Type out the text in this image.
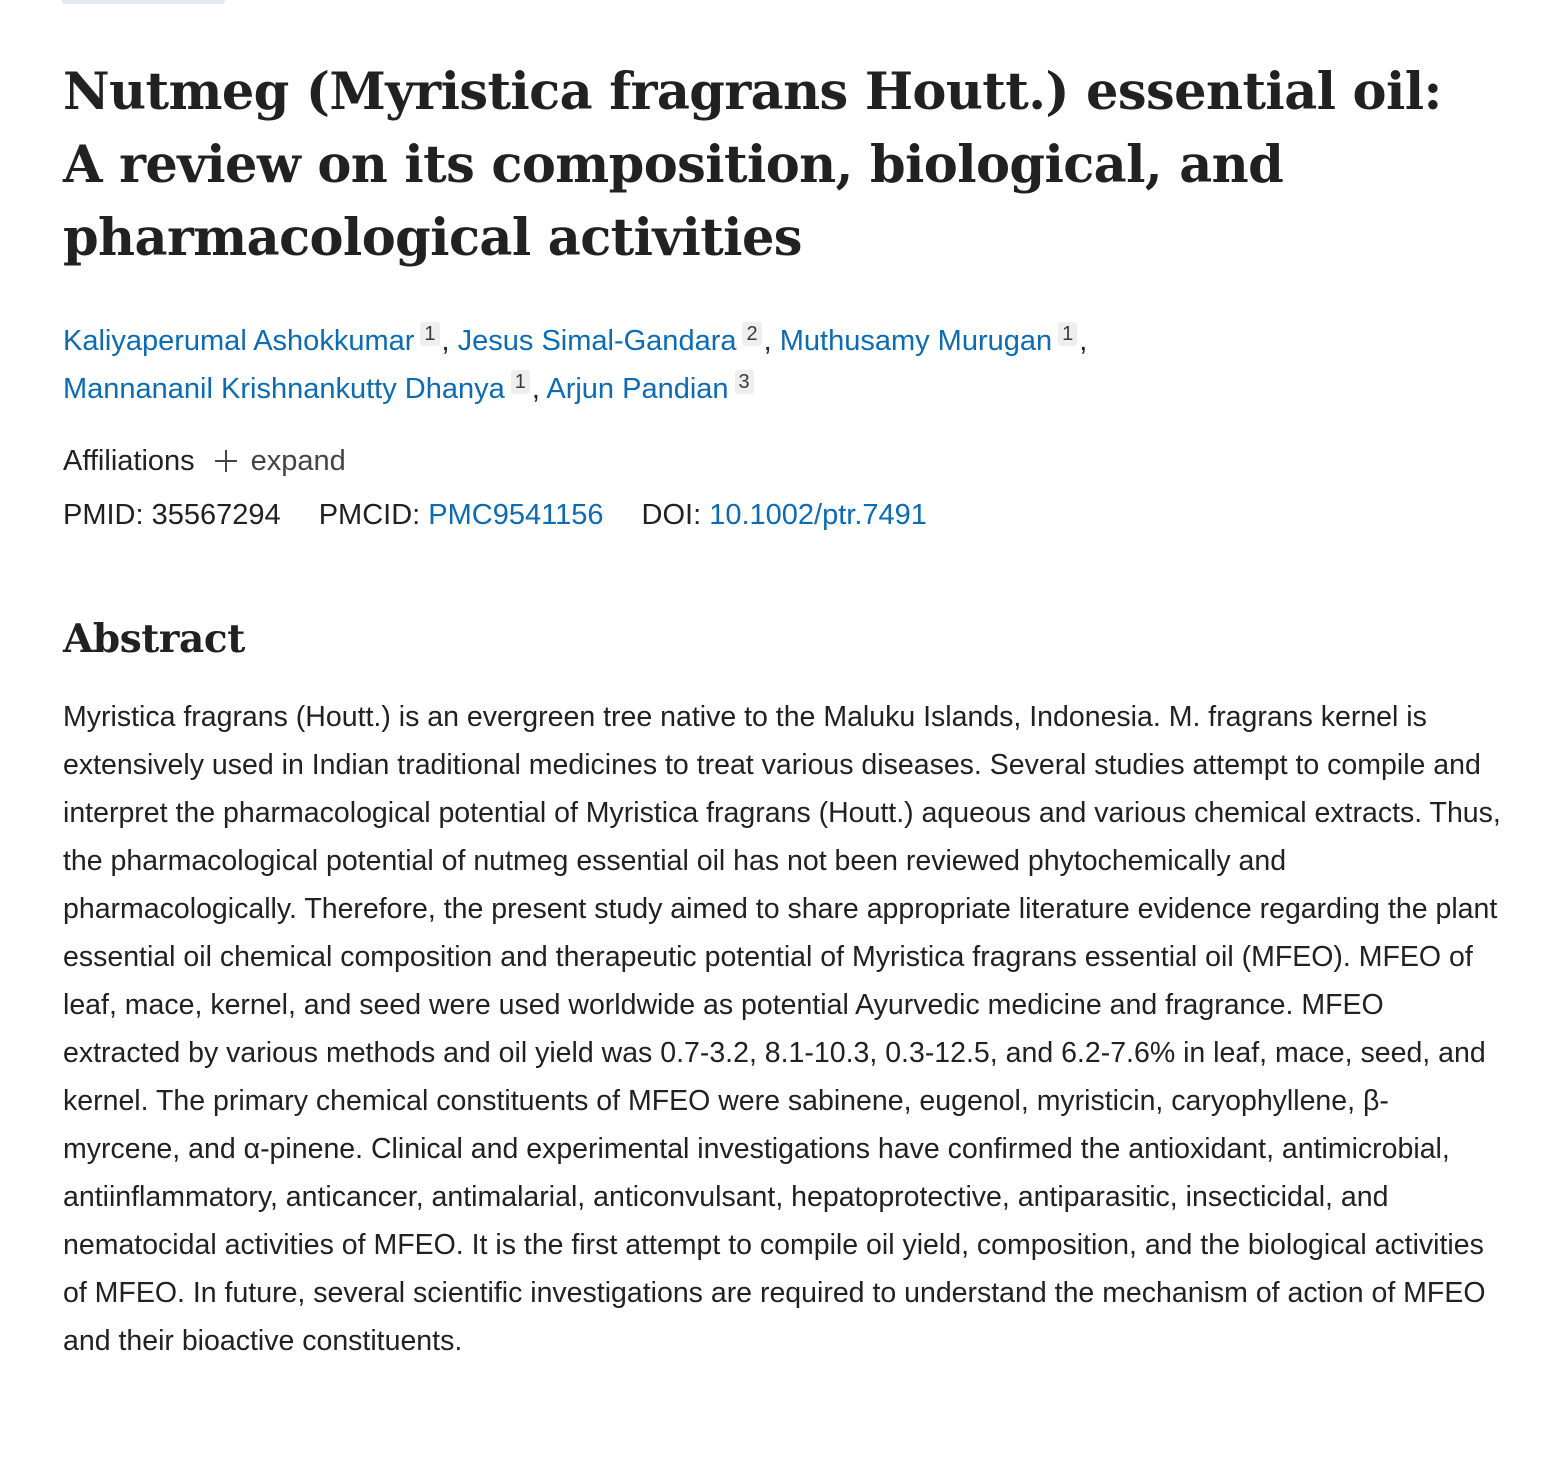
Nutmeg (Myristica fragrans Houtt.) essential oil: A review on its composition, biological, and pharmacological activities
Kaliyaperumal Ashokkumar 1 , Jesus Simal-Gandara 2 , Muthusamy Murugan 1 ,
Mannananil Krishnankutty Dhanya 1 , Arjun Pandian 3
Affiliations expand
PMID: 35567294 PMCID: PMC9541156 DOI: 10.1002/ptr.7491
Abstract

Myristica fragrans (Houtt.) is an evergreen tree native to the Maluku Islands, Indonesia. M. fragrans kernel is extensively used in Indian traditional medicines to treat various diseases. Several studies attempt to compile and interpret the pharmacological potential of Myristica fragrans (Houtt.) aqueous and various chemical extracts. Thus, the pharmacological potential of nutmeg essential oil has not been reviewed phytochemically and pharmacologically. Therefore, the present study aimed to share appropriate literature evidence regarding the plant essential oil chemical composition and therapeutic potential of Myristica fragrans essential oil (MFEO). MFEO of leaf, mace, kernel, and seed were used worldwide as potential Ayurvedic medicine and fragrance. MFEO extracted by various methods and oil yield was 0.7-3.2, 8.1-10.3, 0.3-12.5, and 6.2-7.6% in leaf, mace, seed, and kernel. The primary chemical constituents of MFEO were sabinene, eugenol, myristicin, caryophyllene, β-myrcene, and α-pinene. Clinical and experimental investigations have confirmed the antioxidant, antimicrobial, antiinflammatory, anticancer, antimalarial, anticonvulsant, hepatoprotective, antiparasitic, insecticidal, and nematocidal activities of MFEO. It is the first attempt to compile oil yield, composition, and the biological activities of MFEO. In future, several scientific investigations are required to understand the mechanism of action of MFEO and their bioactive constituents.
